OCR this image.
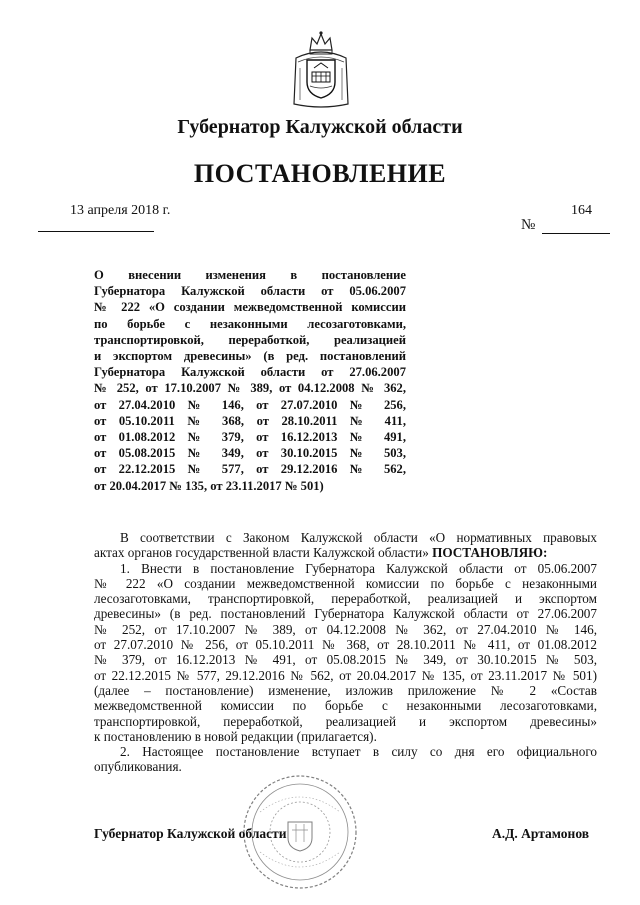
Губернатор Калужской области
ПОСТАНОВЛЕНИЕ
13 апреля 2018 г.	164
№
О внесении изменения в постановление
Губернатора Калужской области от 05.06.2007
№ 222 «О создании межведомственной комиссии
по борьбе с незаконными лесозаготовками,
транспортировкой, переработкой, реализацией
и экспортом древесины» (в ред. постановлений
Губернатора Калужской области от 27.06.2007
№ 252, от 17.10.2007 № 389, от 04.12.2008 № 362,
от 27.04.2010 № 146, от 27.07.2010 № 256,
от 05.10.2011 № 368, от 28.10.2011 № 411,
от 01.08.2012 № 379, от 16.12.2013 № 491,
от 05.08.2015 № 349, от 30.10.2015 № 503,
от 22.12.2015 № 577, от 29.12.2016 № 562,
от 20.04.2017 № 135, от 23.11.2017 № 501)
В соответствии с Законом Калужской области «О нормативных правовых
актах органов государственной власти Калужской области» ПОСТАНОВЛЯЮ:
1. Внести в постановление Губернатора Калужской области от 05.06.2007
№ 222 «О создании межведомственной комиссии по борьбе с незаконными
лесозаготовками, транспортировкой, переработкой, реализацией и экспортом
древесины» (в ред. постановлений Губернатора Калужской области от 27.06.2007
№ 252, от 17.10.2007 № 389, от 04.12.2008 № 362, от 27.04.2010 № 146,
от 27.07.2010 № 256, от 05.10.2011 № 368, от 28.10.2011 № 411, от 01.08.2012
№ 379, от 16.12.2013 № 491, от 05.08.2015 № 349, от 30.10.2015 № 503,
от 22.12.2015 № 577, 29.12.2016 № 562, от 20.04.2017 № 135, от 23.11.2017 № 501)
(далее – постановление) изменение, изложив приложение № 2 «Состав
межведомственной комиссии по борьбе с незаконными лесозаготовками,
транспортировкой, переработкой, реализацией и экспортом древесины»
к постановлению в новой редакции (прилагается).
2. Настоящее постановление вступает в силу со дня его официального
опубликования.
Губернатор Калужской области	А.Д. Артамонов
